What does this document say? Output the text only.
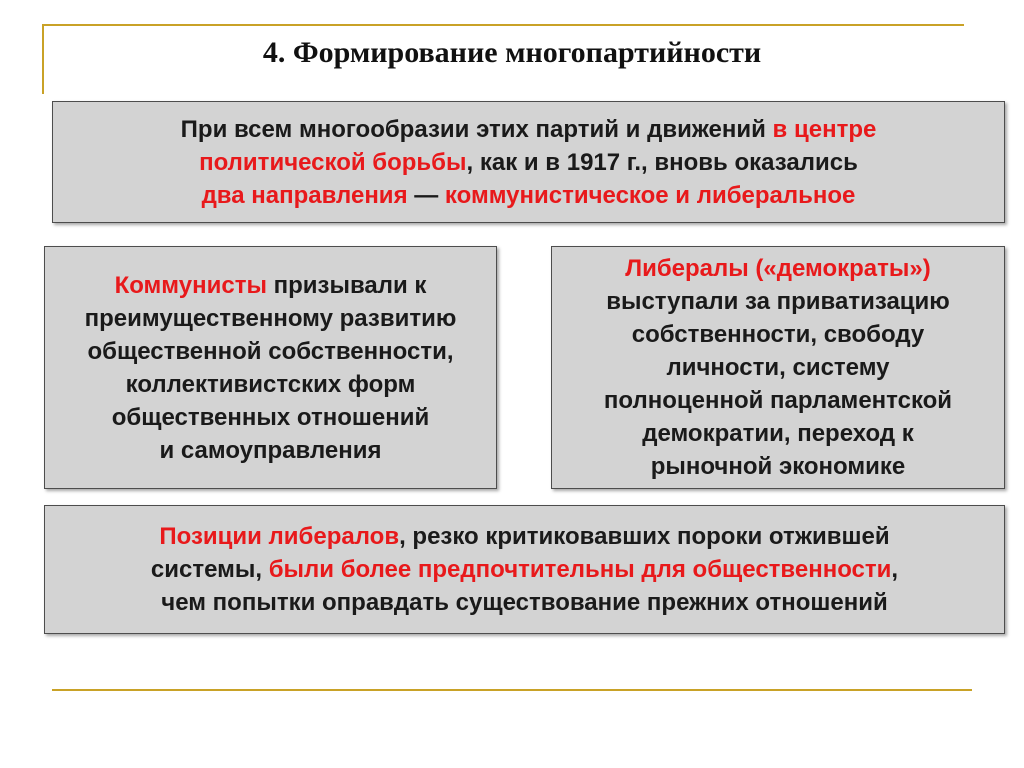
4. Формирование многопартийности

При всем многообразии этих партий и движений в центре
политической борьбы, как и в 1917 г., вновь оказались
два направления — коммунистическое и либеральное

Коммунисты призывали к
преимущественному развитию
общественной собственности,
коллективистских форм
общественных отношений
и самоуправления

Либералы («демократы»)
выступали за приватизацию
собственности, свободу
личности, систему
полноценной парламентской
демократии, переход к
рыночной экономике

Позиции либералов, резко критиковавших пороки отжившей
системы, были более предпочтительны для общественности,
чем попытки оправдать существование прежних отношений
